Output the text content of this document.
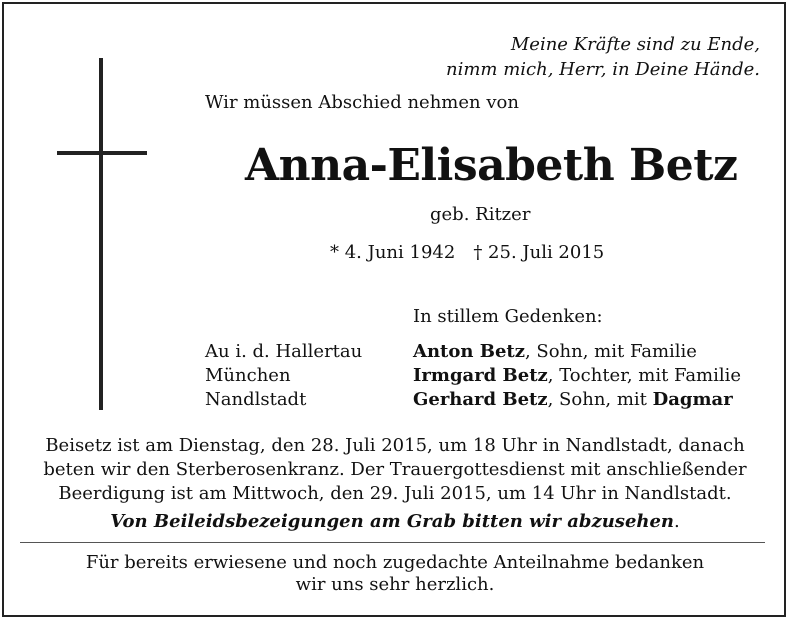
Meine Kräfte sind zu Ende,
nimm mich, Herr, in Deine Hände.
Wir müssen Abschied nehmen von
Anna-Elisabeth Betz
geb. Ritzer
* 4. Juni 1942 † 25. Juli 2015
In stillem Gedenken:
Au i. d. Hallertau	Anton Betz, Sohn, mit Familie
München	Irmgard Betz, Tochter, mit Familie
Nandlstadt	Gerhard Betz, Sohn, mit Dagmar
Beisetz ist am Dienstag, den 28. Juli 2015, um 18 Uhr in Nandlstadt, danach
beten wir den Sterberosenkranz. Der Trauergottesdienst mit anschließender
Beerdigung ist am Mittwoch, den 29. Juli 2015, um 14 Uhr in Nandlstadt.
Von Beileidsbezeigungen am Grab bitten wir abzusehen.
Für bereits erwiesene und noch zugedachte Anteilnahme bedanken
wir uns sehr herzlich.
